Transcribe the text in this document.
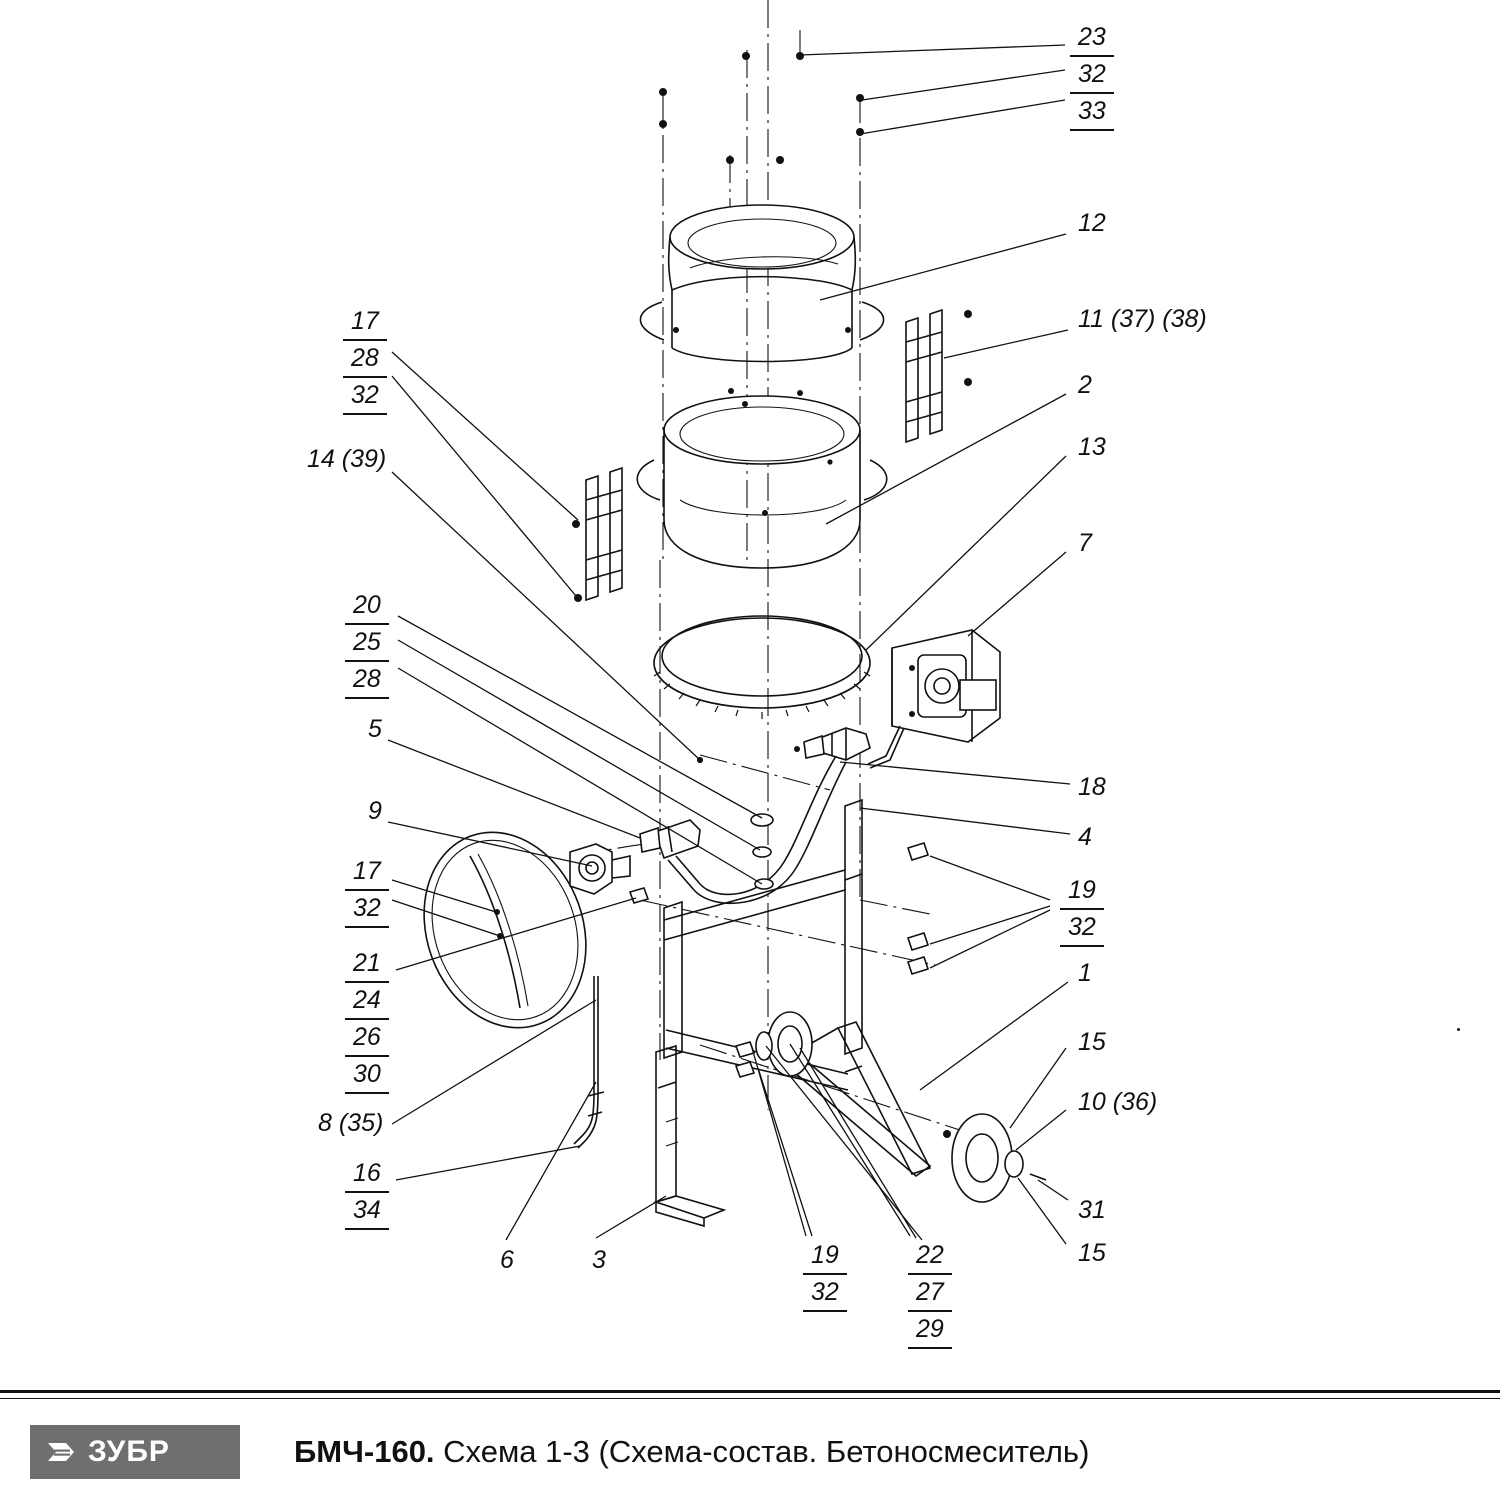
23
32
33
12
17
28
32
11 (37) (38)
2
14 (39)	13
7
20
25
28
5
18
9
4
17
32
19
32
21
24
26
30
1
15
10 (36)
8 (35)
31
16
34
15
6	3	19
32
22
27
29
ЗУБР	БМЧ-160. Схема 1-3 (Схема-состав. Бетоносмеситель)
